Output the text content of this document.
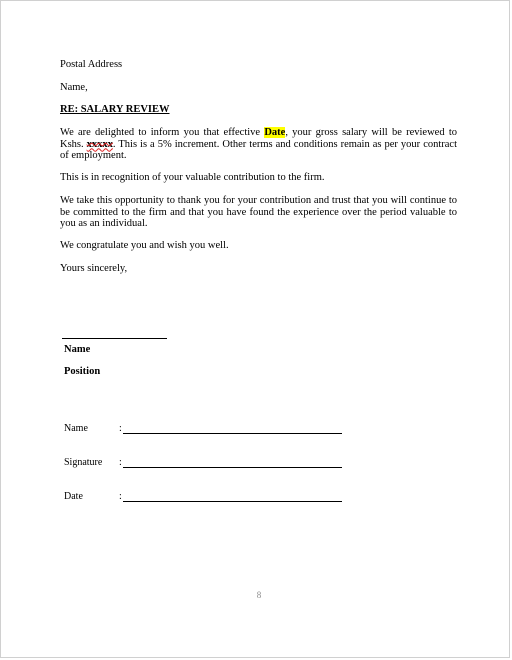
Postal Address

Name,

RE: SALARY REVIEW

We are delighted to inform you that effective Date, your gross salary will be reviewed to Kshs. xxxxx. This is a 5% increment. Other terms and conditions remain as per your contract of employment.

This is in recognition of your valuable contribution to the firm.

We take this opportunity to thank you for your contribution and trust that you will continue to be committed to the firm and that you have found the experience over the period valuable to you as an individual.

We congratulate you and wish you well.

Yours sincerely,

Name

Position

Name	:
Signature :
Date	:
8
